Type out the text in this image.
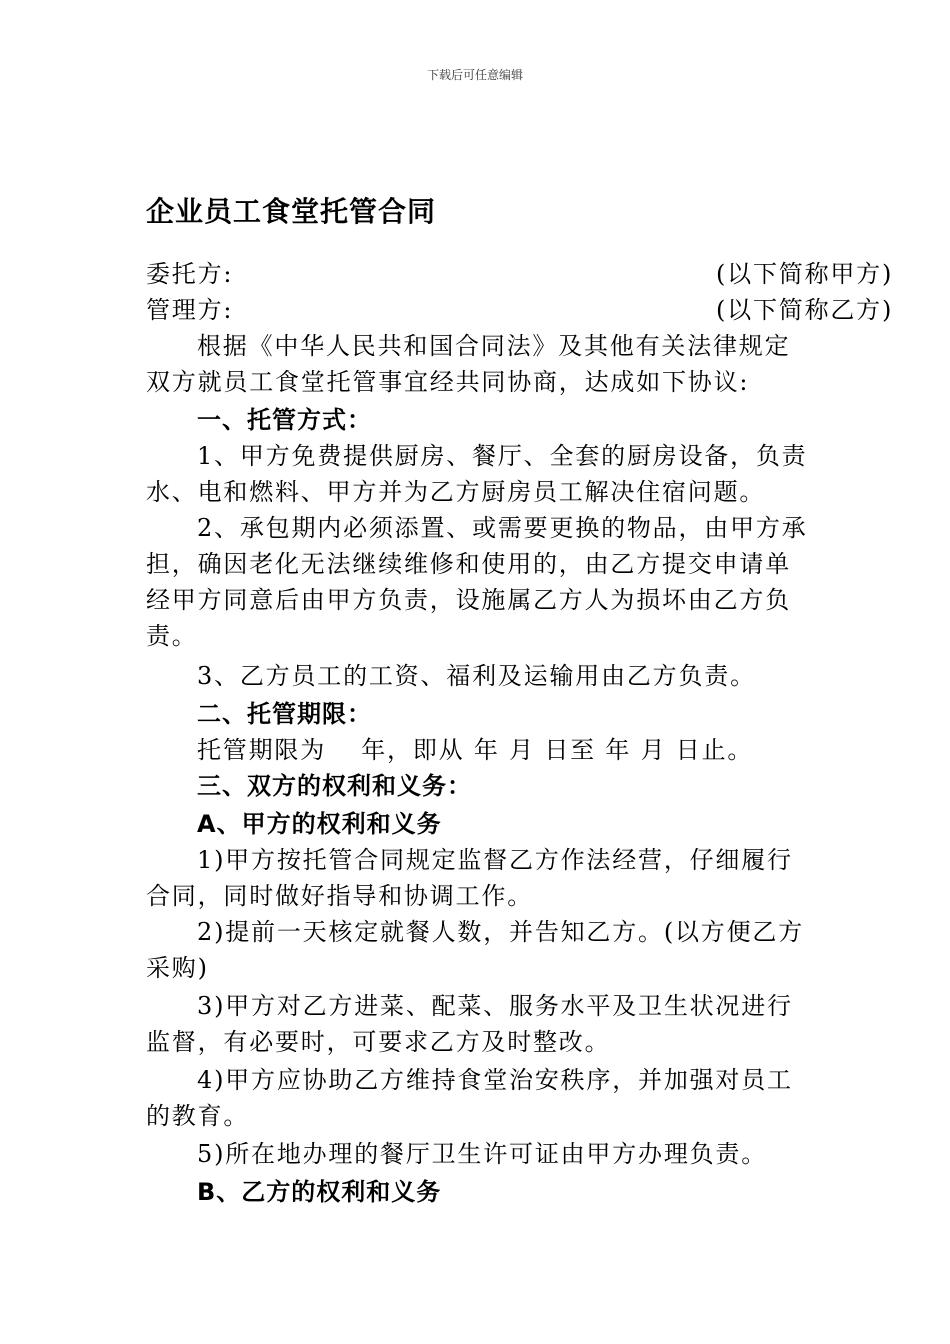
下载后可任意编辑
企业员工食堂托管合同
委托方:	(以下简称甲方)
管理方:	(以下简称乙方)
根据《中华人民共和国合同法》及其他有关法律规定
双方就员工食堂托管事宜经共同协商，达成如下协议:
一、托管方式：
1、甲方免费提供厨房、餐厅、全套的厨房设备，负责
水、电和燃料、甲方并为乙方厨房员工解决住宿问题。
2、承包期内必须添置、或需要更换的物品，由甲方承
担，确因老化无法继续维修和使用的，由乙方提交申请单
经甲方同意后由甲方负责，设施属乙方人为损坏由乙方负
责。
3、乙方员工的工资、福利及运输用由乙方负责。
二、托管期限：
托管期限为　 年，即从 年 月 日至 年 月 日止。
三、双方的权利和义务：
A、甲方的权利和义务
1)甲方按托管合同规定监督乙方作法经营，仔细履行
合同，同时做好指导和协调工作。
2)提前一天核定就餐人数，并告知乙方。(以方便乙方
采购)
3)甲方对乙方进菜、配菜、服务水平及卫生状况进行
监督，有必要时，可要求乙方及时整改。
4)甲方应协助乙方维持食堂治安秩序，并加强对员工
的教育。
5)所在地办理的餐厅卫生许可证由甲方办理负责。
B、乙方的权利和义务
